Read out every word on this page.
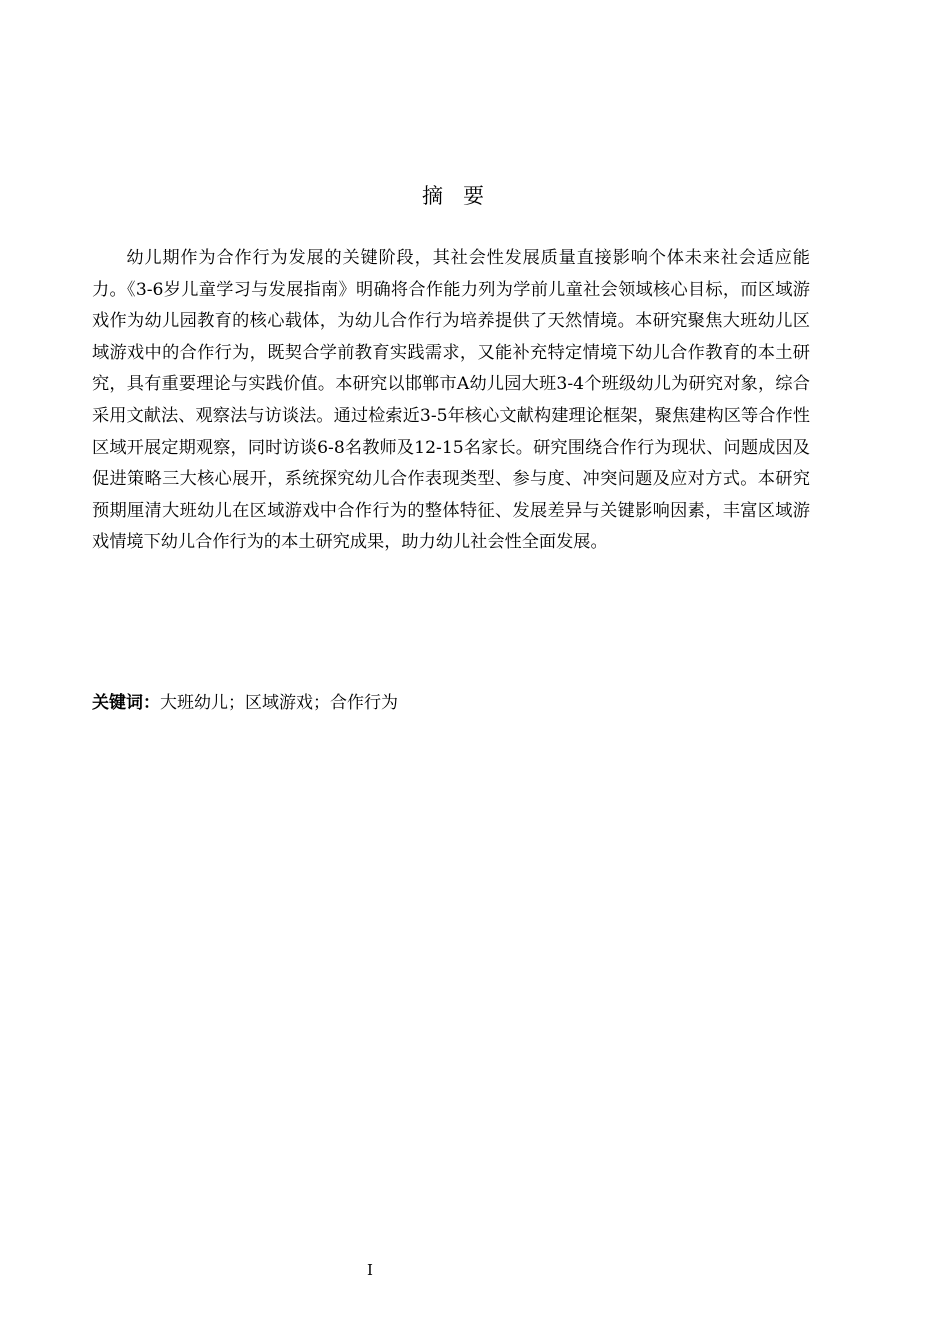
摘要

幼儿期作为合作行为发展的关键阶段，其社会性发展质量直接影响个体未来社会适应能力。《3-6岁儿童学习与发展指南》明确将合作能力列为学前儿童社会领域核心目标，而区域游戏作为幼儿园教育的核心载体，为幼儿合作行为培养提供了天然情境。本研究聚焦大班幼儿区域游戏中的合作行为，既契合学前教育实践需求，又能补充特定情境下幼儿合作教育的本土研究，具有重要理论与实践价值。本研究以邯郸市A幼儿园大班3-4个班级幼儿为研究对象，综合采用文献法、观察法与访谈法。通过检索近3-5年核心文献构建理论框架，聚焦建构区等合作性区域开展定期观察，同时访谈6-8名教师及12-15名家长。研究围绕合作行为现状、问题成因及促进策略三大核心展开，系统探究幼儿合作表现类型、参与度、冲突问题及应对方式。本研究预期厘清大班幼儿在区域游戏中合作行为的整体特征、发展差异与关键影响因素，丰富区域游戏情境下幼儿合作行为的本土研究成果，助力幼儿社会性全面发展。

关键词：大班幼儿；区域游戏；合作行为
I
